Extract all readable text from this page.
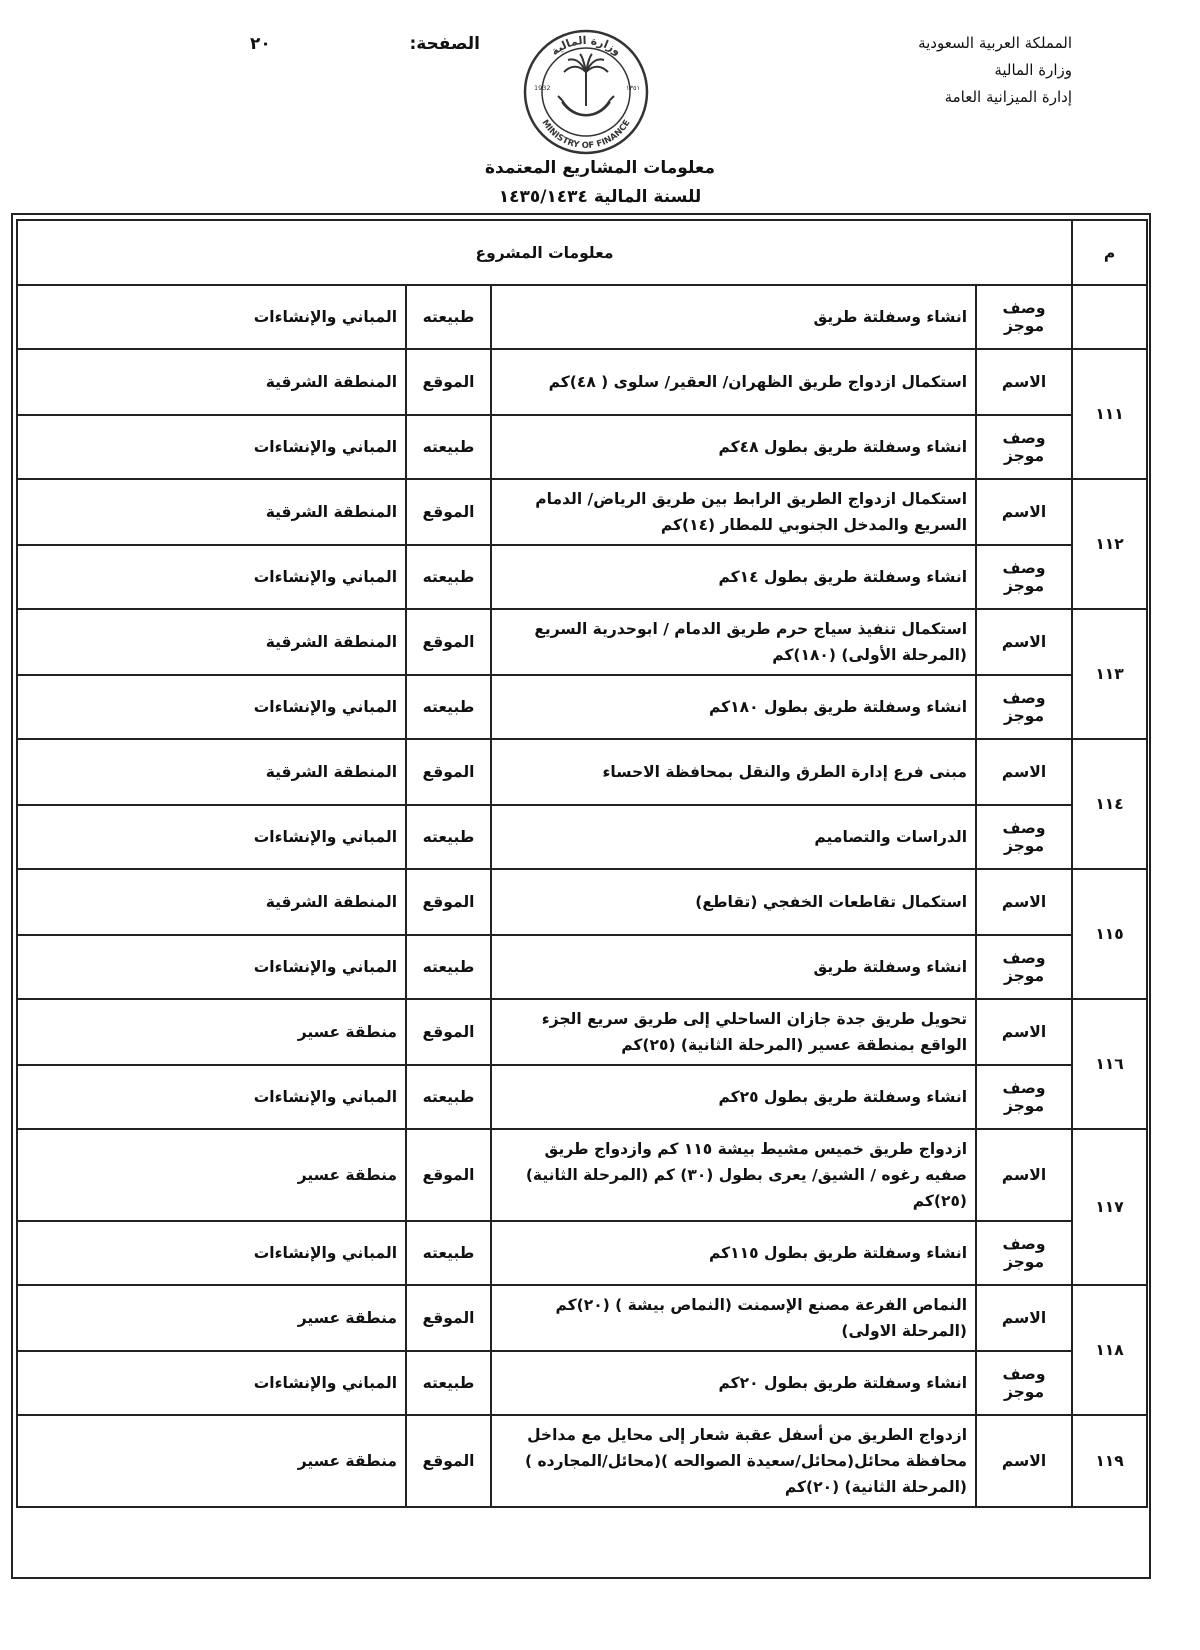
المملكة العربية السعودية
وزارة المالية
إدارة الميزانية العامة
الصفحة:
٢٠	وزارة المالية
MINISTRY OF FINANCE
1932	١٣٥١
معلومات المشاريع المعتمدة
للسنة المالية ١٤٣٥/١٤٣٤
م	معلومات المشروع			
	وصف موجز	انشاء وسفلتة طريق	طبيعته	المباني والإنشاءات
١١١	الاسم	استكمال ازدواج طريق الظهران/ العقير/ سلوى ( ٤٨)كم	الموقع	المنطقة الشرقية
	وصف موجز	انشاء وسفلتة طريق بطول ٤٨كم	طبيعته	المباني والإنشاءات
١١٢	الاسم	استكمال ازدواج الطريق الرابط بين طريق الرياض/ الدمام السريع والمدخل الجنوبي للمطار (١٤)كم	الموقع	المنطقة الشرقية
	وصف موجز	انشاء وسفلتة طريق بطول ١٤كم	طبيعته	المباني والإنشاءات
١١٣	الاسم	استكمال تنفيذ سياج حرم طريق الدمام / ابوحدرية السريع (المرحلة الأولى) (١٨٠)كم	الموقع	المنطقة الشرقية
	وصف موجز	انشاء وسفلتة طريق بطول ١٨٠كم	طبيعته	المباني والإنشاءات
١١٤	الاسم	مبنى فرع إدارة الطرق والنقل بمحافظة الاحساء	الموقع	المنطقة الشرقية
	وصف موجز	الدراسات والتصاميم	طبيعته	المباني والإنشاءات
١١٥	الاسم	استكمال تقاطعات الخفجي (تقاطع)	الموقع	المنطقة الشرقية
	وصف موجز	انشاء وسفلتة طريق	طبيعته	المباني والإنشاءات
١١٦	الاسم	تحويل طريق جدة جازان الساحلي إلى طريق سريع الجزء الواقع بمنطقة عسير (المرحلة الثانية) (٢٥)كم	الموقع	منطقة عسير
	وصف موجز	انشاء وسفلتة طريق بطول ٢٥كم	طبيعته	المباني والإنشاءات
١١٧	الاسم	ازدواج طريق خميس مشيط بيشة ١١٥ كم وازدواج طريق صفيه رغوه / الشيق/ يعرى بطول (٣٠) كم (المرحلة الثانية) (٢٥)كم	الموقع	منطقة عسير
	وصف موجز	انشاء وسفلتة طريق بطول ١١٥كم	طبيعته	المباني والإنشاءات
١١٨	الاسم	النماص الفرعة مصنع الإسمنت (النماص بيشة ) (٢٠)كم (المرحلة الاولى)	الموقع	منطقة عسير
	وصف موجز	انشاء وسفلتة طريق بطول ٢٠كم	طبيعته	المباني والإنشاءات
١١٩	الاسم	ازدواج الطريق من أسفل عقبة شعار إلى محايل مع مداخل محافظة محائل(محائل/سعيدة الصوالحه )(محائل/المجارده ) (المرحلة الثانية) (٢٠)كم	الموقع	منطقة عسير
